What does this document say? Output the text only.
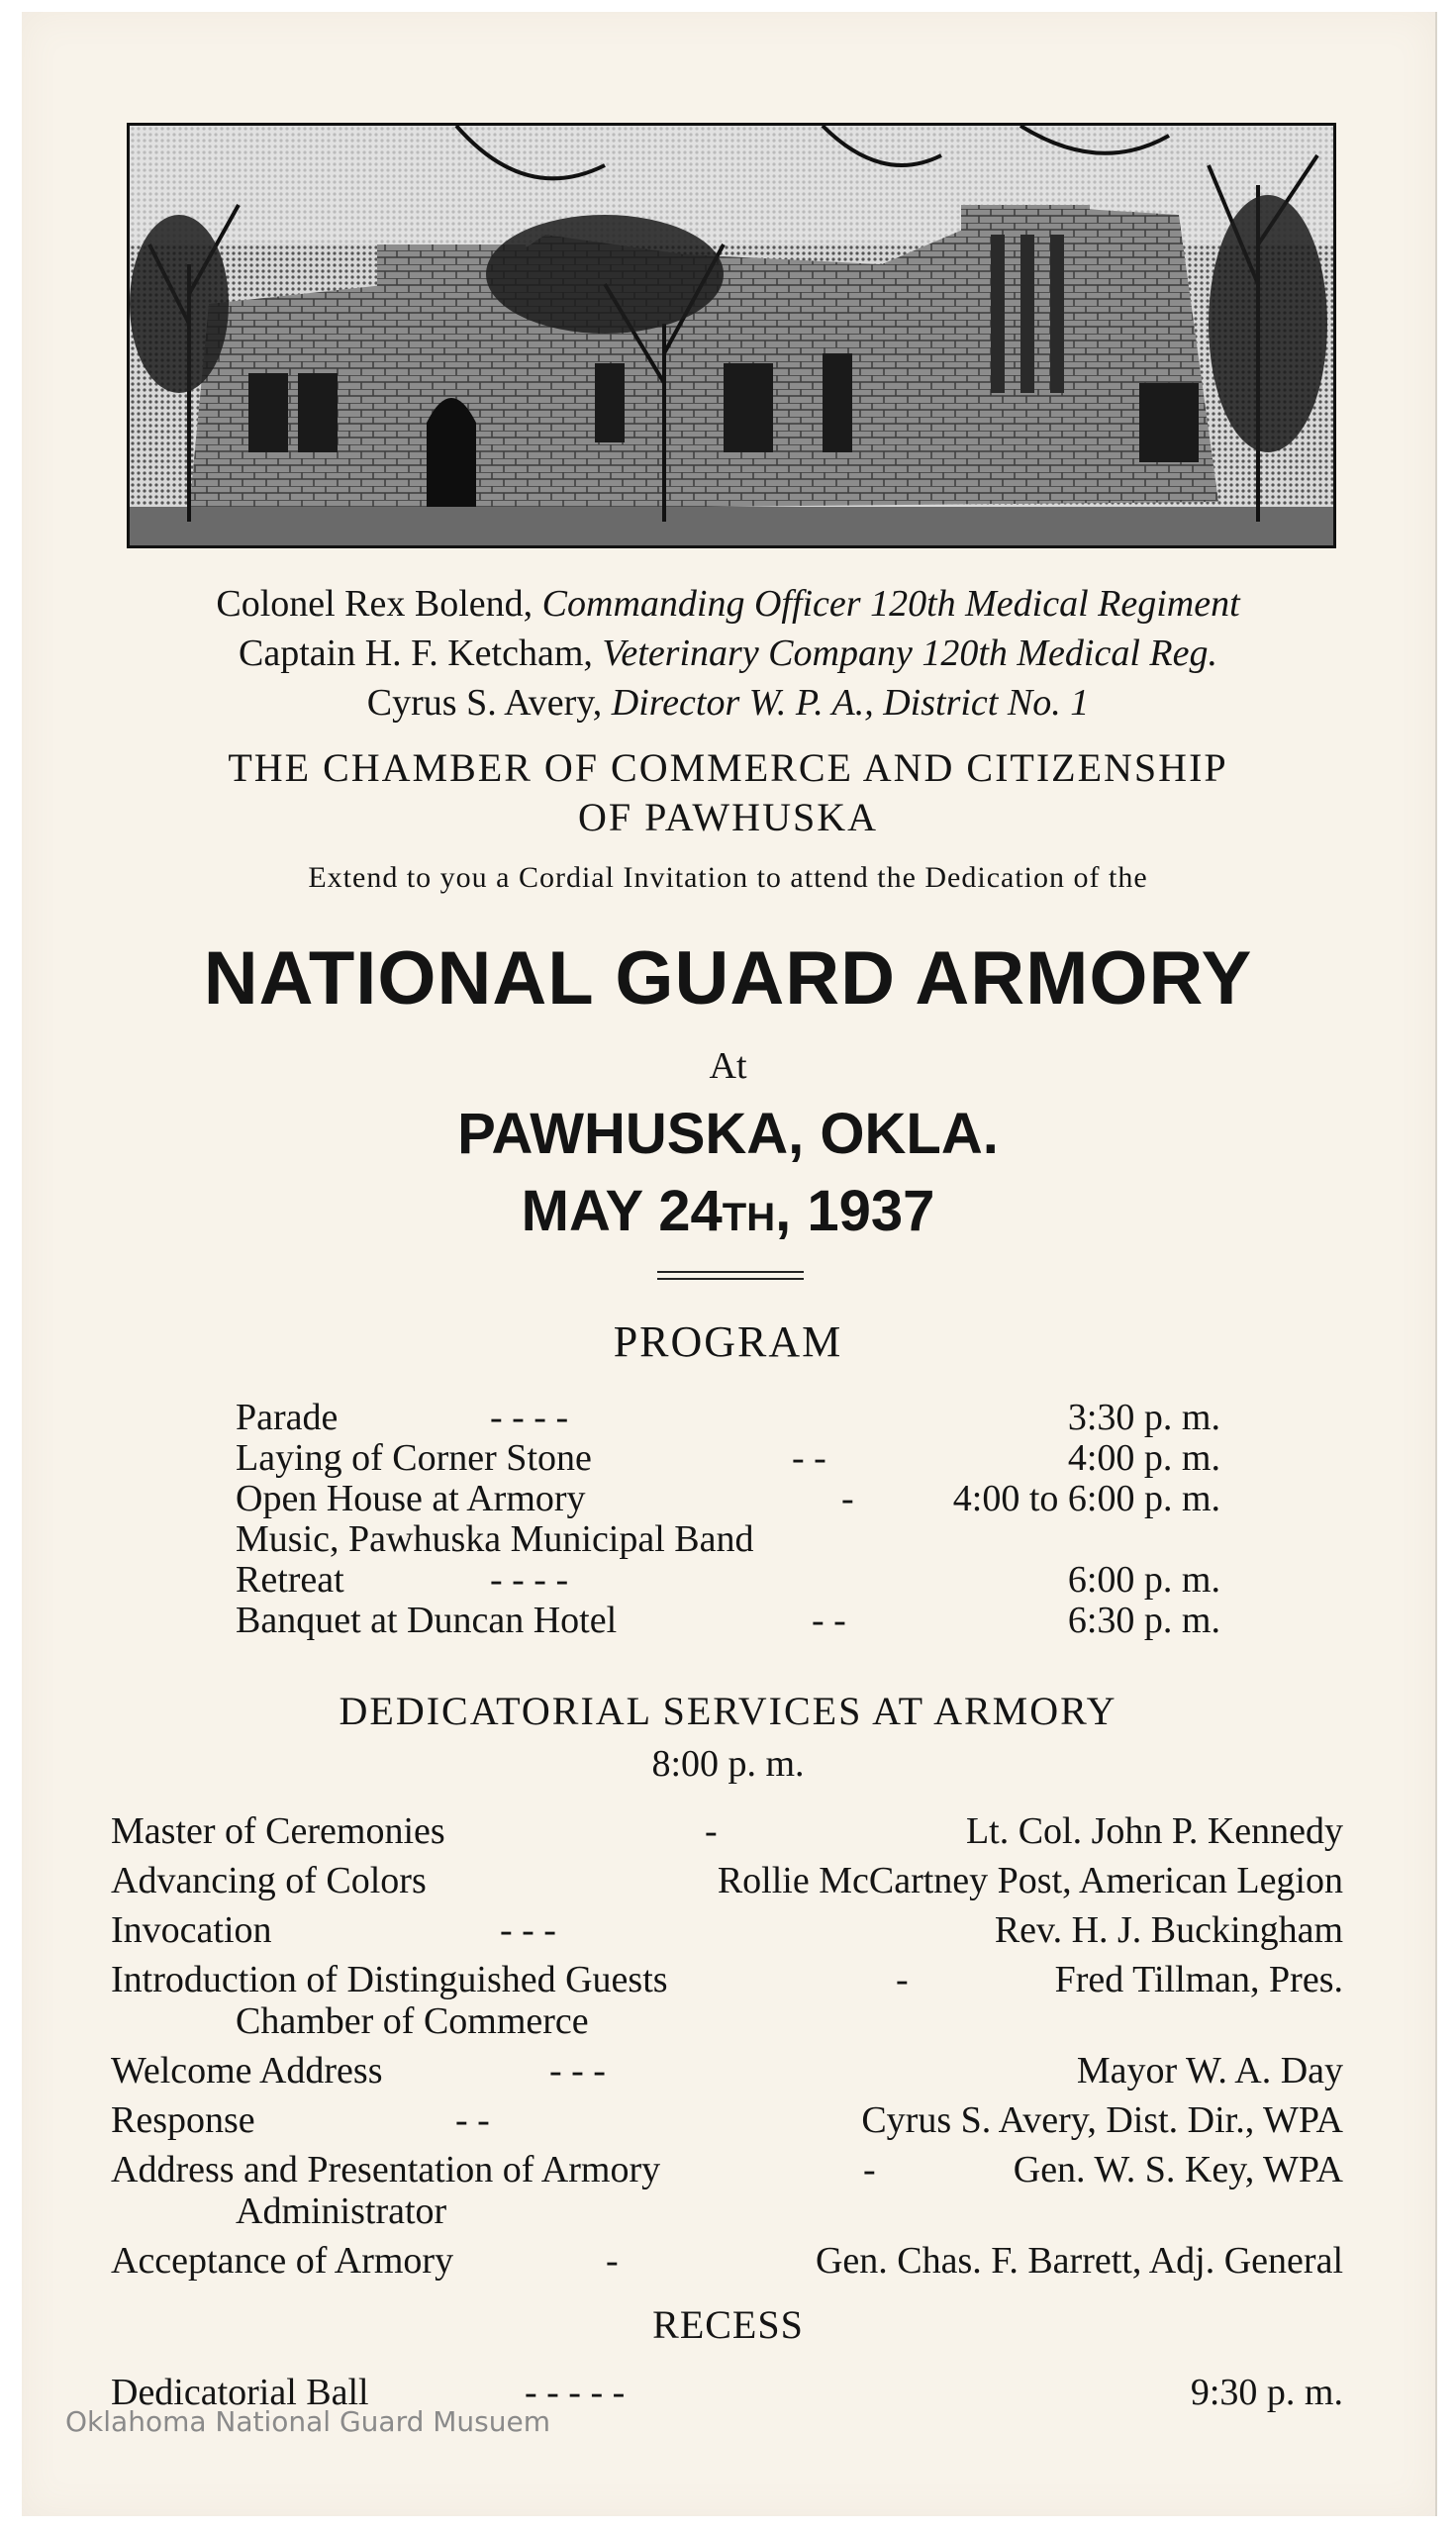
Colonel Rex Bolend, Commanding Officer 120th Medical Regiment
Captain H. F. Ketcham, Veterinary Company 120th Medical Reg.
Cyrus S. Avery, Director W. P. A., District No. 1
THE CHAMBER OF COMMERCE AND CITIZENSHIP
OF PAWHUSKA
Extend to you a Cordial Invitation to attend the Dedication of the
NATIONAL GUARD ARMORY
At
PAWHUSKA, OKLA.
MAY 24TH, 1937
PROGRAM
Parade	- - - -	3:30 p. m.
Laying of Corner Stone	- -	4:00 p. m.
Open House at Armory	-	4:00 to 6:00 p. m.
Music, Pawhuska Municipal Band
Retreat	- - - -	6:00 p. m.
Banquet at Duncan Hotel	- -	6:30 p. m.
DEDICATORIAL SERVICES AT ARMORY
8:00 p. m.
Master of Ceremonies	-	Lt. Col. John P. Kennedy
Advancing of Colors	Rollie McCartney Post, American Legion
Invocation	- - -	Rev. H. J. Buckingham
Introduction of Distinguished Guests	-	Fred Tillman, Pres.
Chamber of Commerce
Welcome Address	- - -	Mayor W. A. Day
Response	- -	Cyrus S. Avery, Dist. Dir., WPA
Address and Presentation of Armory	-	Gen. W. S. Key, WPA
Administrator
Acceptance of Armory	-	Gen. Chas. F. Barrett, Adj. General
RECESS
Dedicatorial Ball	- - - - -	9:30 p. m.
Oklahoma National Guard Musuem
